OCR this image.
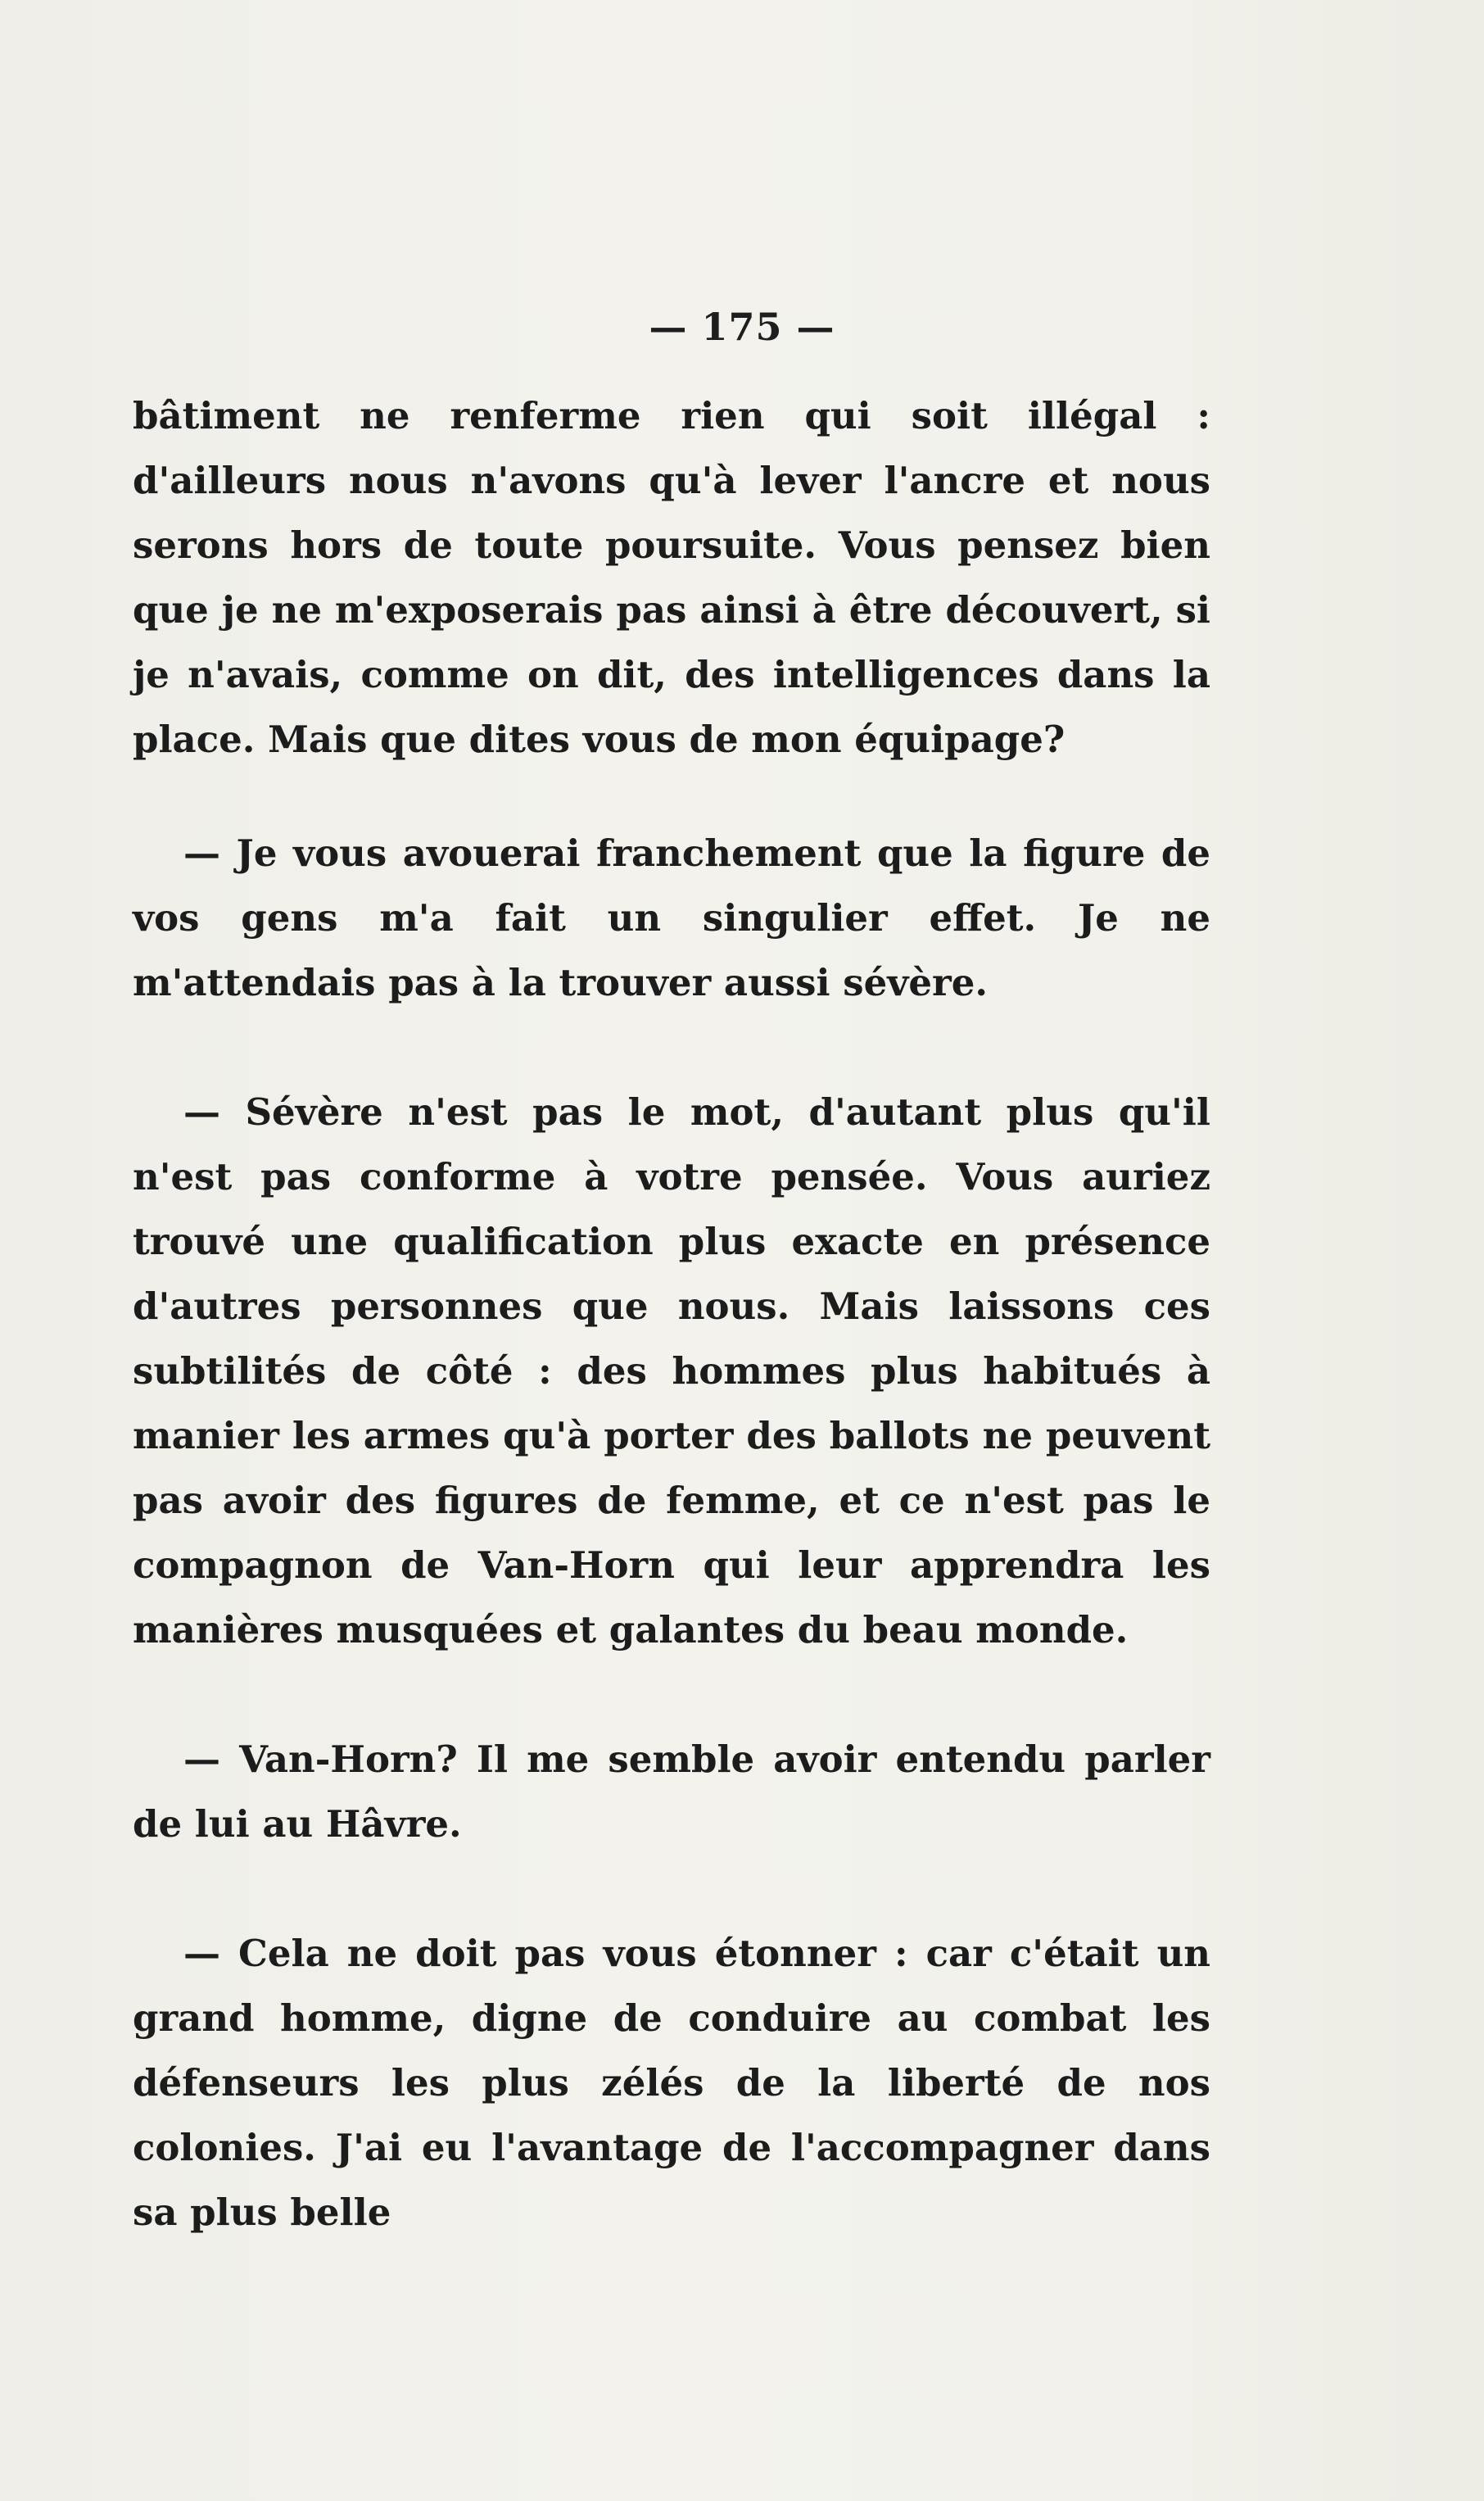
— 175 —

bâtiment ne renferme rien qui soit illégal : d'ailleurs nous n'avons qu'à lever l'ancre et nous serons hors de toute poursuite. Vous pensez bien que je ne m'exposerais pas ainsi à être découvert, si je n'avais, comme on dit, des intelligences dans la place. Mais que dites vous de mon équipage?

— Je vous avouerai franchement que la figure de vos gens m'a fait un singulier effet. Je ne m'attendais pas à la trouver aussi sévère.

— Sévère n'est pas le mot, d'autant plus qu'il n'est pas conforme à votre pensée. Vous auriez trouvé une qualification plus exacte en présence d'autres personnes que nous. Mais laissons ces subtilités de côté : des hommes plus habitués à manier les armes qu'à porter des ballots ne peuvent pas avoir des figures de femme, et ce n'est pas le compagnon de Van-Horn qui leur apprendra les manières musquées et galantes du beau monde.

— Van-Horn? Il me semble avoir entendu parler de lui au Hâvre.

— Cela ne doit pas vous étonner : car c'était un grand homme, digne de conduire au combat les défenseurs les plus zélés de la liberté de nos colonies. J'ai eu l'avantage de l'accompagner dans sa plus belle
